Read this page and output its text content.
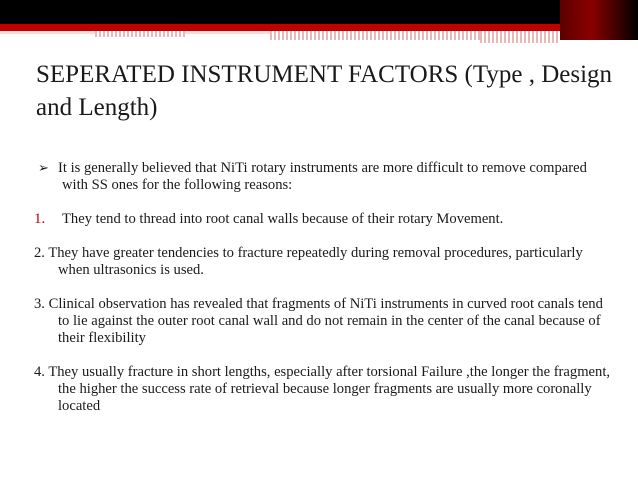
SEPERATED INSTRUMENT FACTORS (Type , Design and Length)

➢ It is generally believed that NiTi rotary instruments are more difficult to remove compared with SS ones for the following reasons:

1. They tend to thread into root canal walls because of their rotary Movement.

2. They have greater tendencies to fracture repeatedly during removal procedures, particularly when ultrasonics is used.

3. Clinical observation has revealed that fragments of NiTi instruments in curved root canals tend to lie against the outer root canal wall and do not remain in the center of the canal because of their flexibility

4. They usually fracture in short lengths, especially after torsional Failure ,the longer the fragment, the higher the success rate of retrieval because longer fragments are usually more coronally located
